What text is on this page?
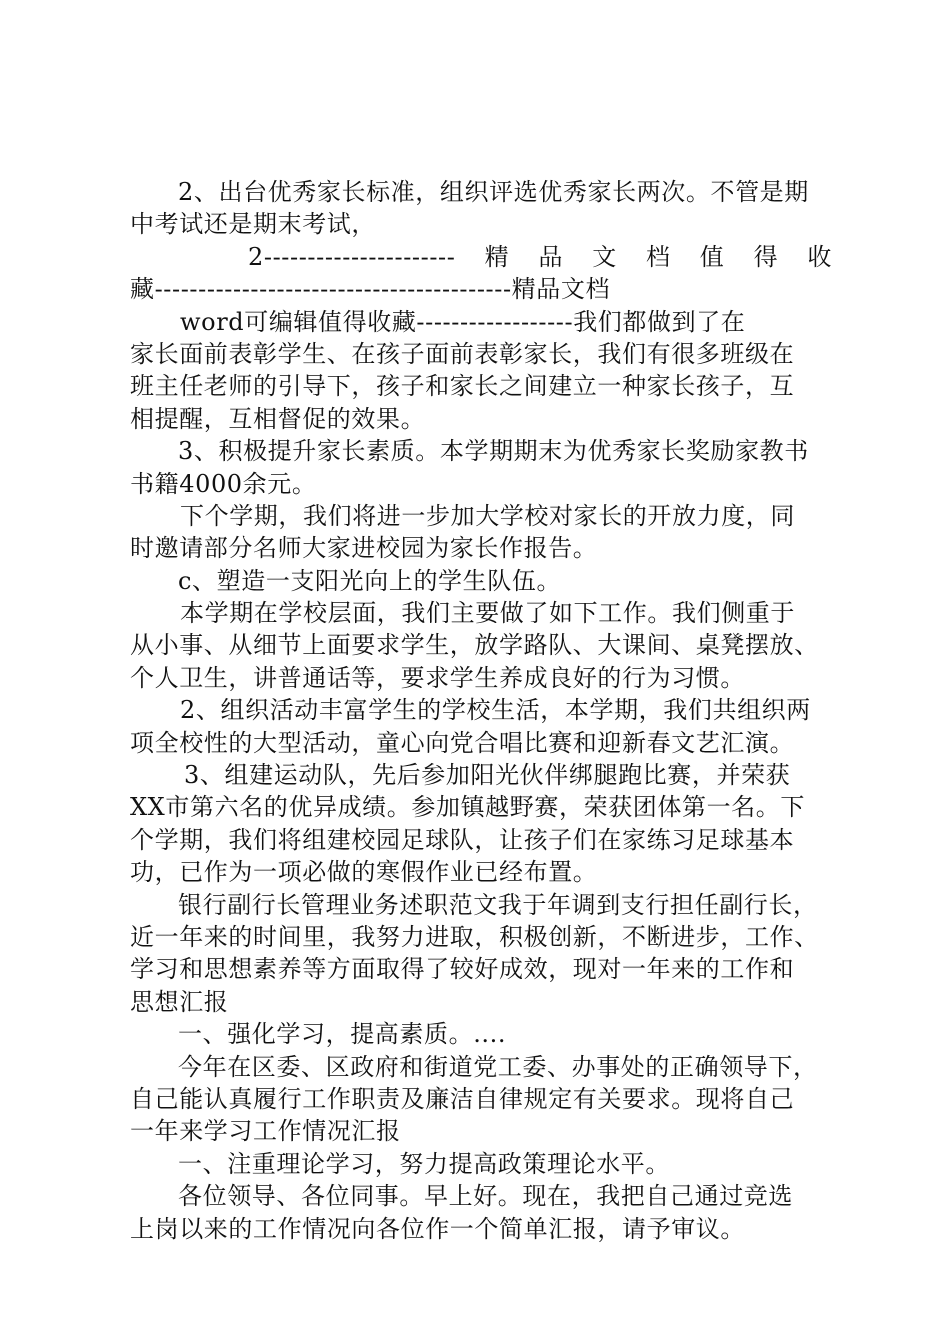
2、出台优秀家长标准，组织评选优秀家长两次。不管是期
中考试还是期末考试，
2---------------------- 精 品 文 档 值 得 收
藏-----------------------------------------精品文档
word可编辑值得收藏------------------我们都做到了在
家长面前表彰学生、在孩子面前表彰家长，我们有很多班级在
班主任老师的引导下，孩子和家长之间建立一种家长孩子，互
相提醒，互相督促的效果。
3、积极提升家长素质。本学期期末为优秀家长奖励家教书
书籍4000余元。
下个学期，我们将进一步加大学校对家长的开放力度，同
时邀请部分名师大家进校园为家长作报告。
c、塑造一支阳光向上的学生队伍。
本学期在学校层面，我们主要做了如下工作。我们侧重于
从小事、从细节上面要求学生，放学路队、大课间、桌凳摆放、
个人卫生，讲普通话等，要求学生养成良好的行为习惯。
2、组织活动丰富学生的学校生活，本学期，我们共组织两
项全校性的大型活动，童心向党合唱比赛和迎新春文艺汇演。
3、组建运动队，先后参加阳光伙伴绑腿跑比赛，并荣获
XX市第六名的优异成绩。参加镇越野赛，荣获团体第一名。下
个学期，我们将组建校园足球队，让孩子们在家练习足球基本
功，已作为一项必做的寒假作业已经布置。
银行副行长管理业务述职范文我于年调到支行担任副行长，
近一年来的时间里，我努力进取，积极创新，不断进步，工作、
学习和思想素养等方面取得了较好成效，现对一年来的工作和
思想汇报
一、强化学习，提高素质。....
今年在区委、区政府和街道党工委、办事处的正确领导下，
自己能认真履行工作职责及廉洁自律规定有关要求。现将自己
一年来学习工作情况汇报
一、注重理论学习，努力提高政策理论水平。
各位领导、各位同事。早上好。现在，我把自己通过竞选
上岗以来的工作情况向各位作一个简单汇报，请予审议。
